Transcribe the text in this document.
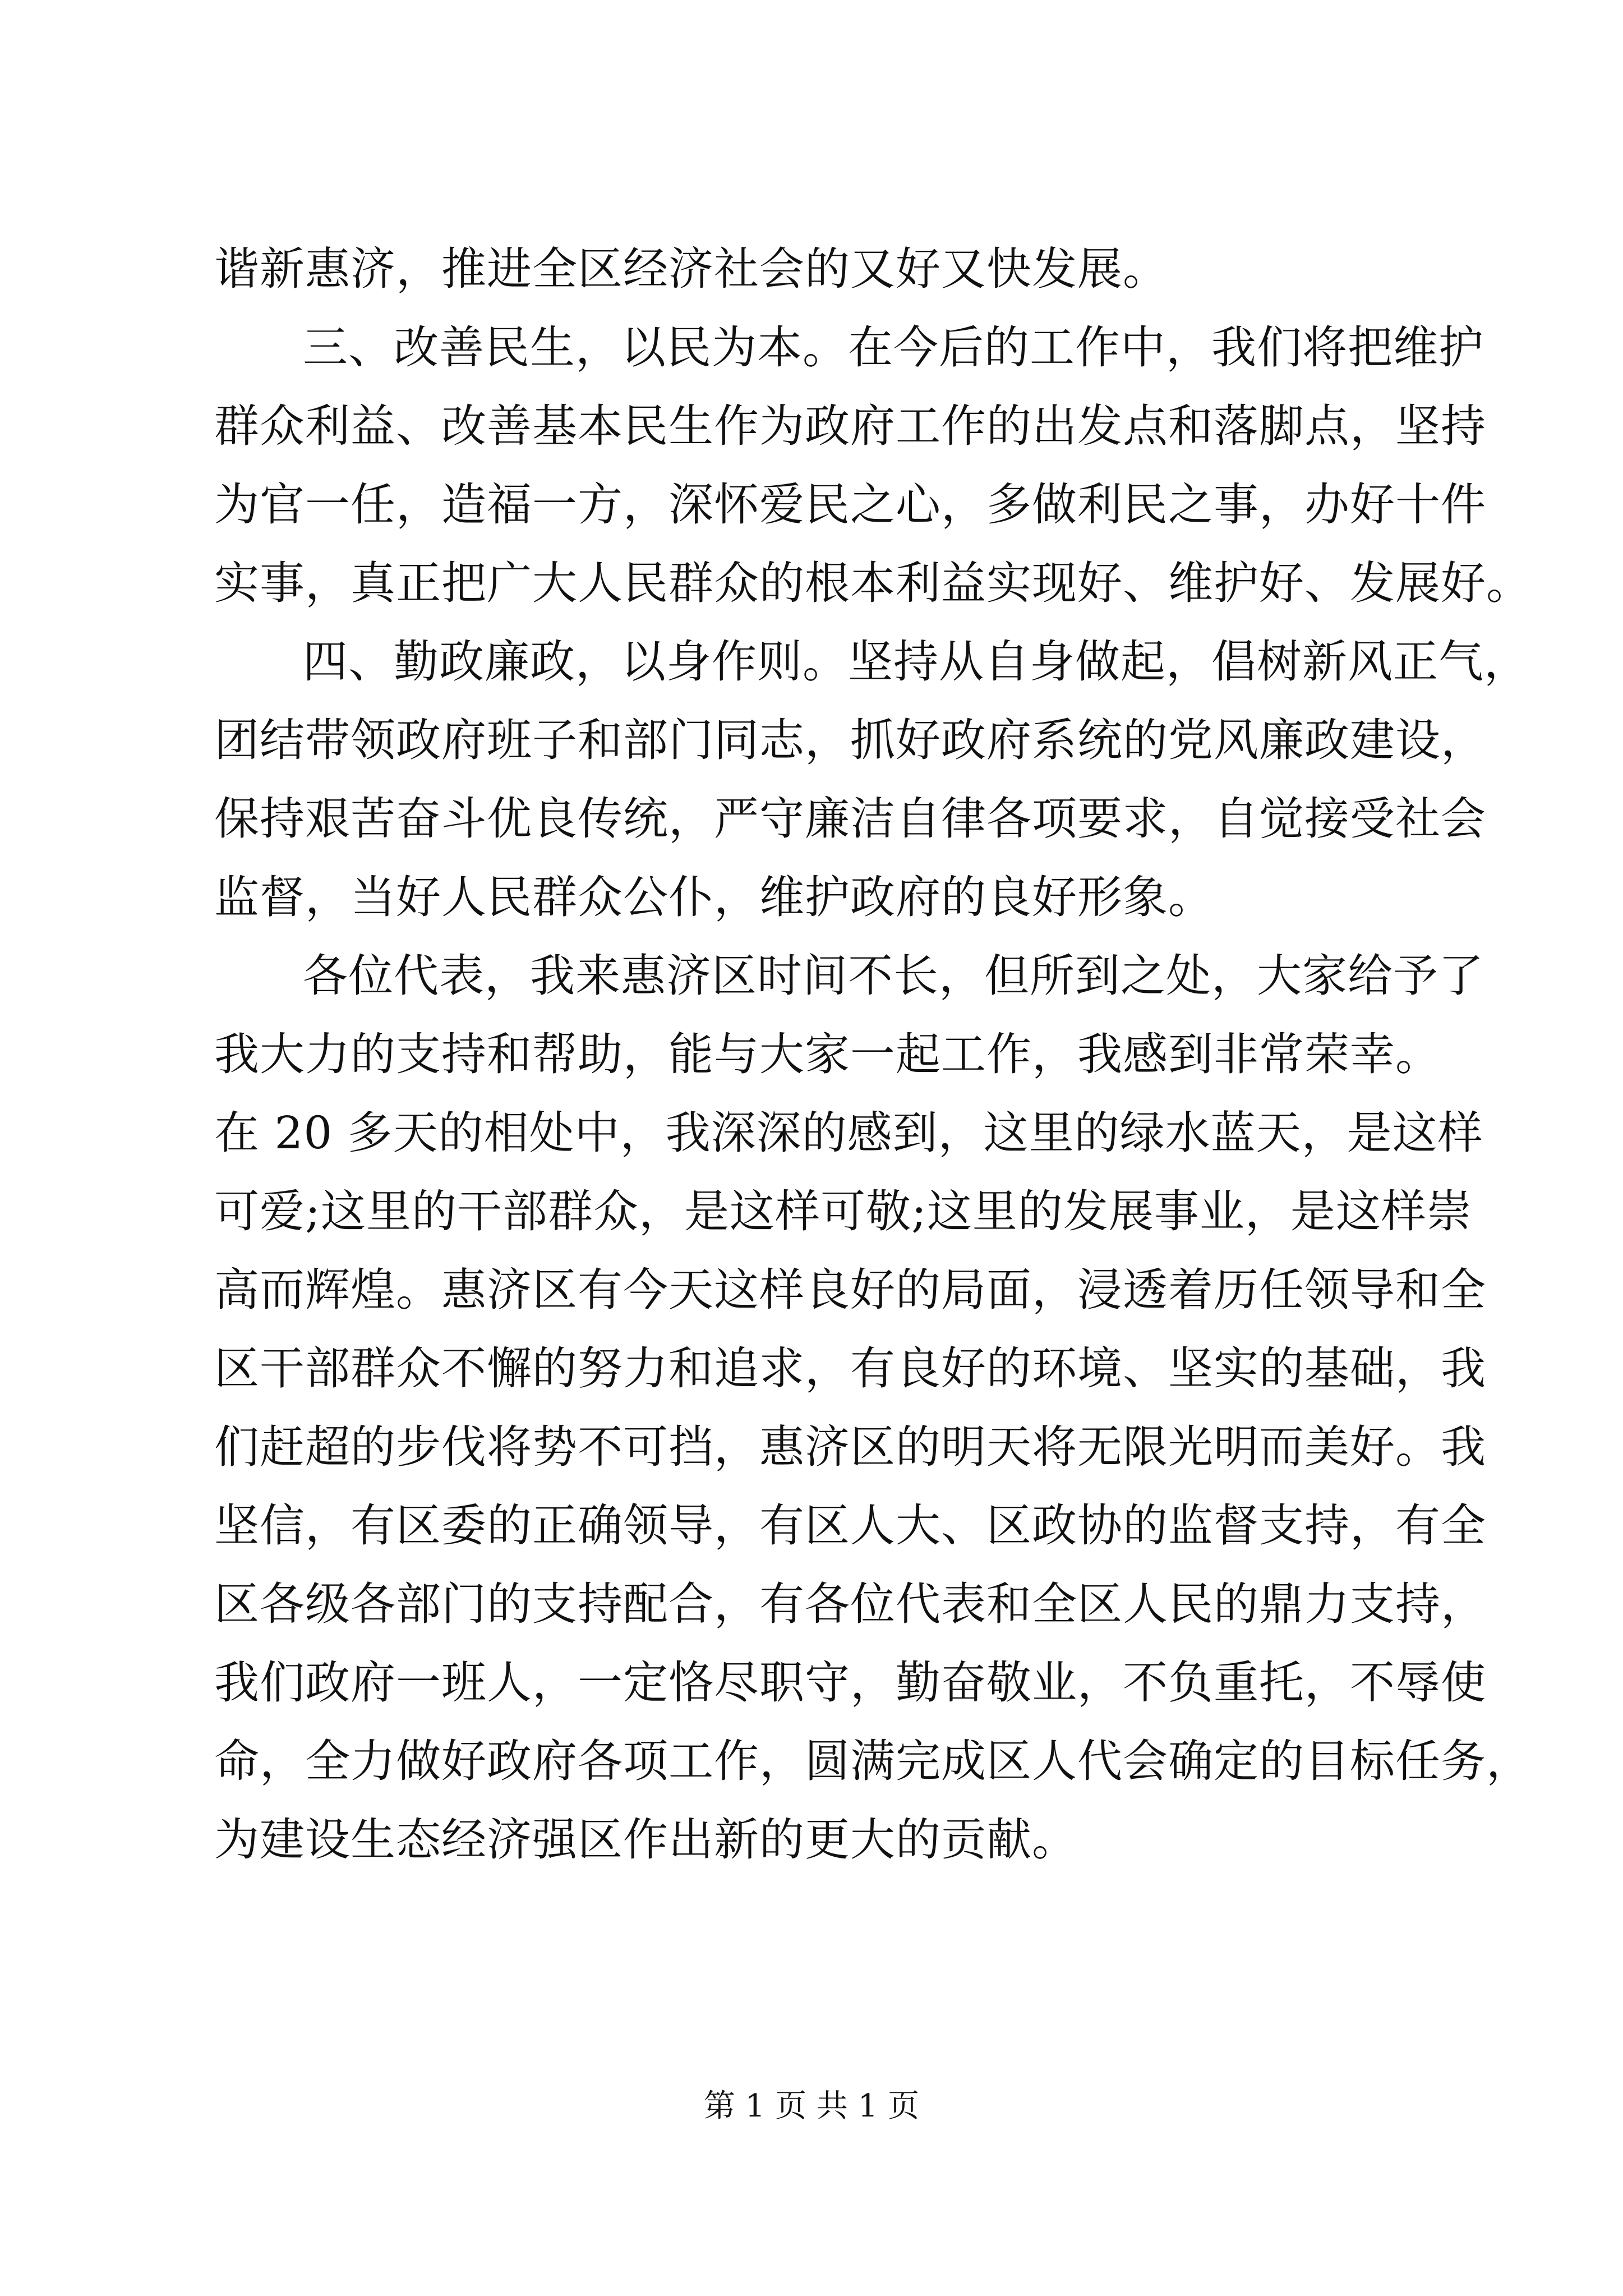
谐新惠济，推进全区经济社会的又好又快发展。
三、改善民生，以民为本。在今后的工作中，我们将把维护
群众利益、改善基本民生作为政府工作的出发点和落脚点，坚持
为官一任，造福一方，深怀爱民之心，多做利民之事，办好十件
实事，真正把广大人民群众的根本利益实现好、维护好、发展好。
四、勤政廉政，以身作则。坚持从自身做起，倡树新风正气，
团结带领政府班子和部门同志，抓好政府系统的党风廉政建设，
保持艰苦奋斗优良传统，严守廉洁自律各项要求，自觉接受社会
监督，当好人民群众公仆，维护政府的良好形象。
各位代表，我来惠济区时间不长，但所到之处，大家给予了
我大力的支持和帮助，能与大家一起工作，我感到非常荣幸。
在 20 多天的相处中，我深深的感到，这里的绿水蓝天，是这样
可爱;这里的干部群众，是这样可敬;这里的发展事业，是这样崇
高而辉煌。惠济区有今天这样良好的局面，浸透着历任领导和全
区干部群众不懈的努力和追求，有良好的环境、坚实的基础，我
们赶超的步伐将势不可挡，惠济区的明天将无限光明而美好。我
坚信，有区委的正确领导，有区人大、区政协的监督支持，有全
区各级各部门的支持配合，有各位代表和全区人民的鼎力支持，
我们政府一班人，一定恪尽职守，勤奋敬业，不负重托，不辱使
命，全力做好政府各项工作，圆满完成区人代会确定的目标任务，
为建设生态经济强区作出新的更大的贡献。
第 1 页 共 1 页
